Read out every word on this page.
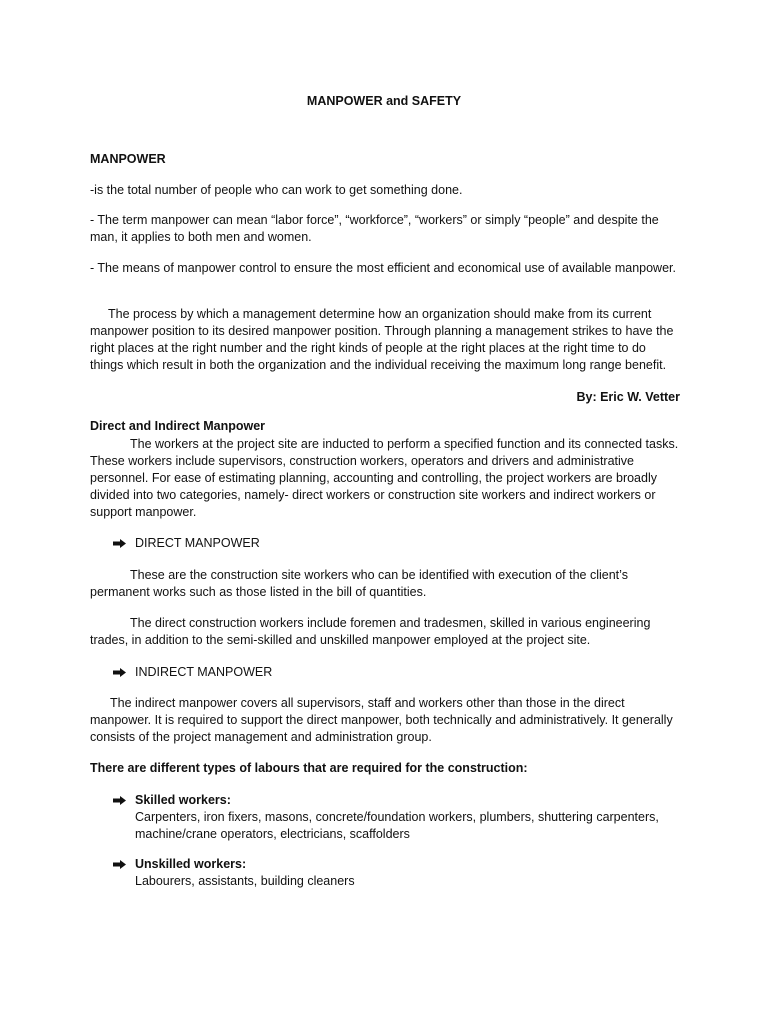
MANPOWER and SAFETY
MANPOWER

-is the total number of people who can work to get something done.

- The term manpower can mean “labor force”, “workforce”, “workers” or simply “people” and despite the man, it applies to both men and women.

- The means of manpower control to ensure the most efficient and economical use of available manpower.

The process by which a management determine how an organization should make from its current manpower position to its desired manpower position. Through planning a management strikes to have the right places at the right number and the right kinds of people at the right places at the right time to do things which result in both the organization and the individual receiving the maximum long range benefit.

By: Eric W. Vetter

Direct and Indirect Manpower

The workers at the project site are inducted to perform a specified function and its connected tasks. These workers include supervisors, construction workers, operators and drivers and administrative personnel. For ease of estimating planning, accounting and controlling, the project workers are broadly divided into two categories, namely- direct workers or construction site workers and indirect workers or support manpower.

DIRECT MANPOWER

These are the construction site workers who can be identified with execution of the client’s permanent works such as those listed in the bill of quantities.

The direct construction workers include foremen and tradesmen, skilled in various engineering trades, in addition to the semi-skilled and unskilled manpower employed at the project site.

INDIRECT MANPOWER

The indirect manpower covers all supervisors, staff and workers other than those in the direct manpower. It is required to support the direct manpower, both technically and administratively. It generally consists of the project management and administration group.

There are different types of labours that are required for the construction:
Skilled workers:
Carpenters, iron fixers, masons, concrete/foundation workers, plumbers, shuttering carpenters, machine/crane operators, electricians, scaffolders
Unskilled workers:
Labourers, assistants, building cleaners
